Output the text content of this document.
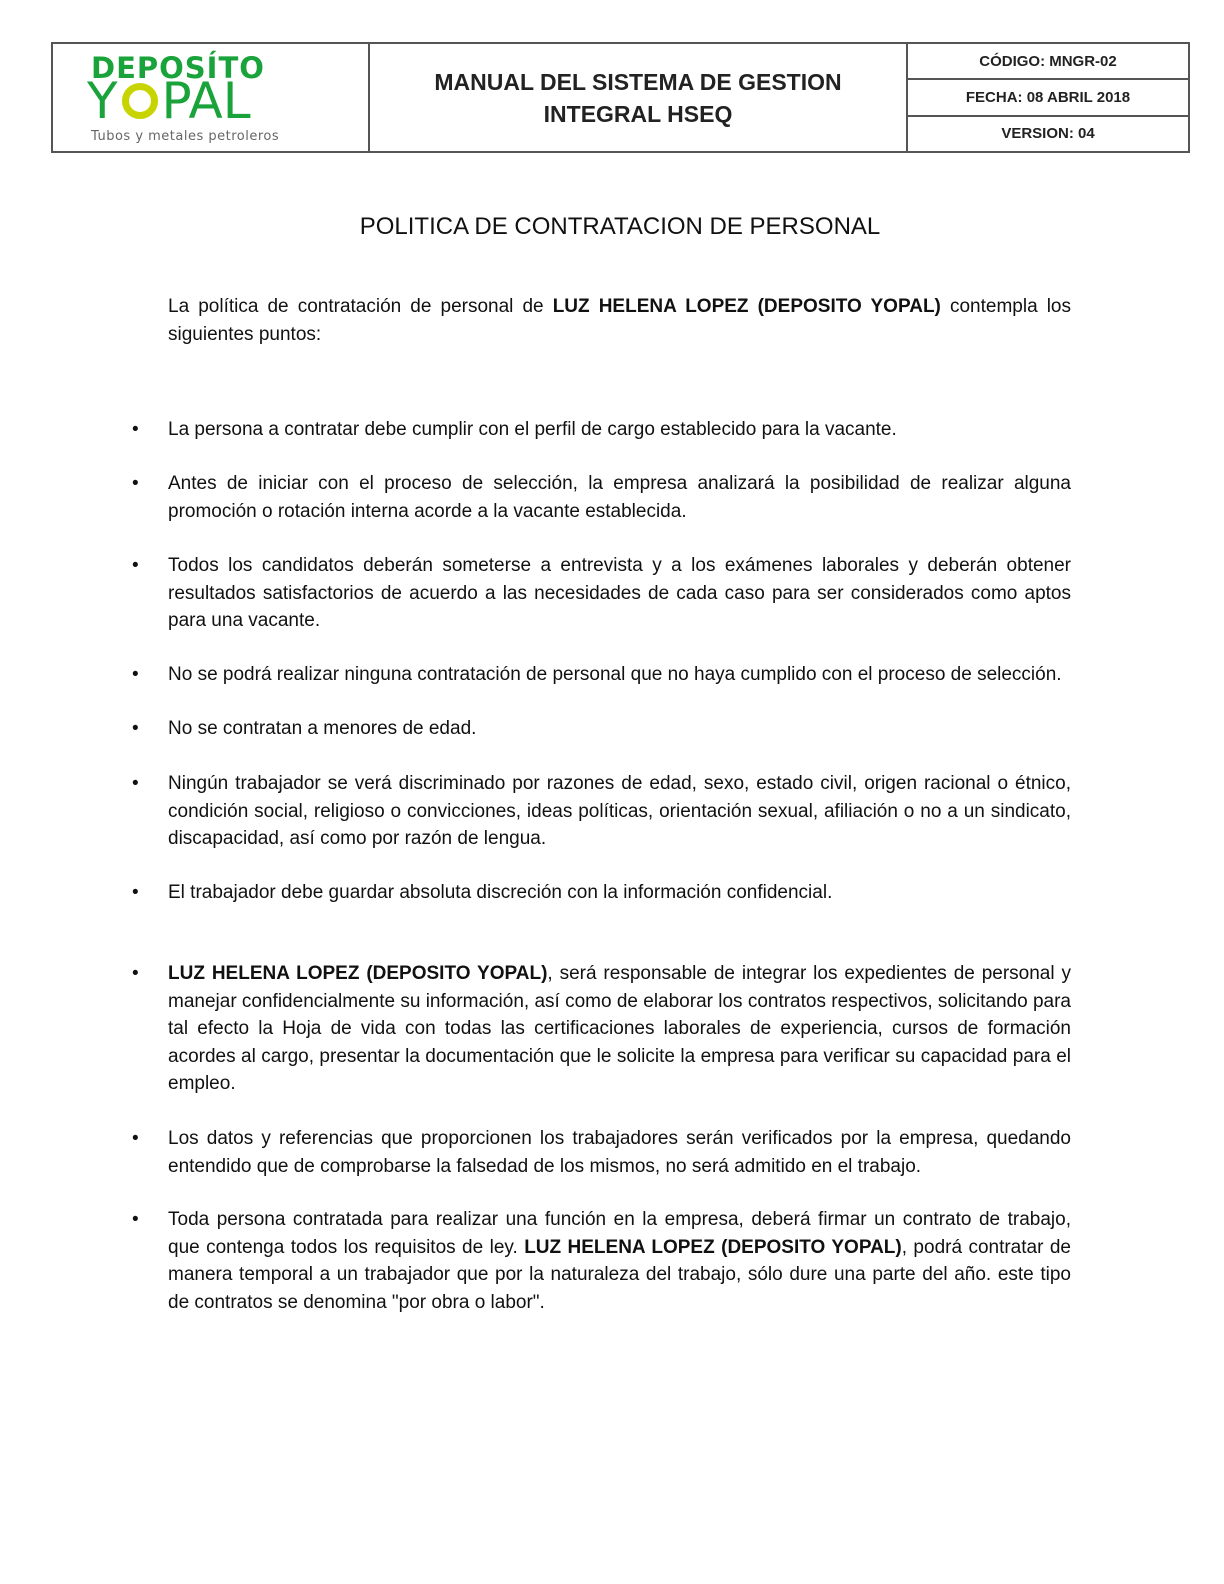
DEPOSÍTO
Y PAL
Tubos y metales petroleros
MANUAL DEL SISTEMA DE GESTION INTEGRAL HSEQ
CÓDIGO: MNGR-02
FECHA: 08 ABRIL 2018
VERSION: 04
POLITICA DE CONTRATACION DE PERSONAL
La política de contratación de personal de LUZ HELENA LOPEZ (DEPOSITO YOPAL) contempla los siguientes puntos:
• La persona a contratar debe cumplir con el perfil de cargo establecido para la vacante.
• Antes de iniciar con el proceso de selección, la empresa analizará la posibilidad de realizar alguna promoción o rotación interna acorde a la vacante establecida.
• Todos los candidatos deberán someterse a entrevista y a los exámenes laborales y deberán obtener resultados satisfactorios de acuerdo a las necesidades de cada caso para ser considerados como aptos para una vacante.
• No se podrá realizar ninguna contratación de personal que no haya cumplido con el proceso de selección.
• No se contratan a menores de edad.
• Ningún trabajador se verá discriminado por razones de edad, sexo, estado civil, origen racional o étnico, condición social, religioso o convicciones, ideas políticas, orientación sexual, afiliación o no a un sindicato, discapacidad, así como por razón de lengua.
• El trabajador debe guardar absoluta discreción con la información confidencial.
• LUZ HELENA LOPEZ (DEPOSITO YOPAL), será responsable de integrar los expedientes de personal y manejar confidencialmente su información, así como de elaborar los contratos respectivos, solicitando para tal efecto la Hoja de vida con todas las certificaciones laborales de experiencia, cursos de formación acordes al cargo, presentar la documentación que le solicite la empresa para verificar su capacidad para el empleo.
• Los datos y referencias que proporcionen los trabajadores serán verificados por la empresa, quedando entendido que de comprobarse la falsedad de los mismos, no será admitido en el trabajo.
• Toda persona contratada para realizar una función en la empresa, deberá firmar un contrato de trabajo, que contenga todos los requisitos de ley. LUZ HELENA LOPEZ (DEPOSITO YOPAL), podrá contratar de manera temporal a un trabajador que por la naturaleza del trabajo, sólo dure una parte del año. este tipo de contratos se denomina "por obra o labor".
